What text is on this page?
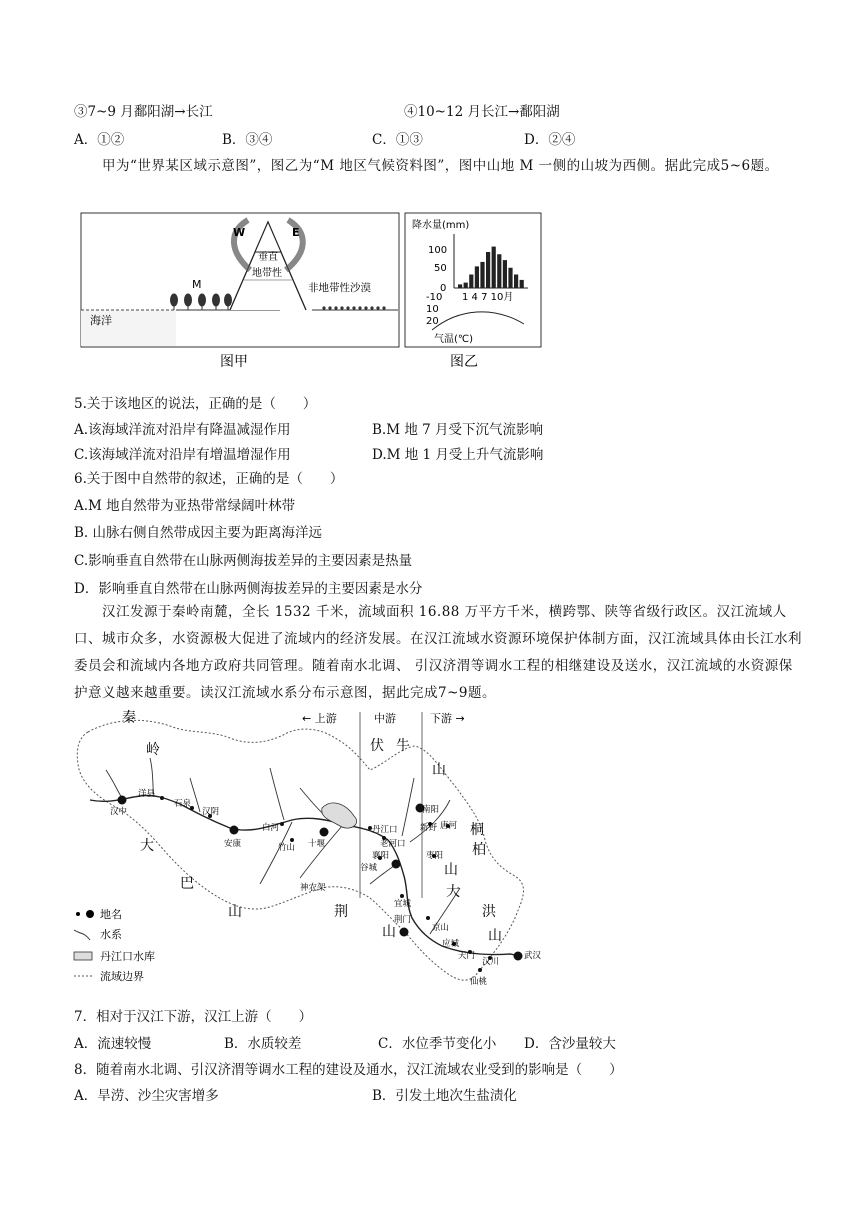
③7~9 月鄱阳湖→长江	④10~12 月长江→鄱阳湖
A．①②	B．③④	C．①③	D．②④
甲为“世界某区域示意图”，图乙为“M 地区气候资料图”，图中山地 M 一侧的山坡为西侧。据此完成5~6题。
W	E
垂直
地带性
非地带性沙漠
M
海洋
图甲
降水量(mm)
100
50
0
-10
10
20
1 4 7 10月
气温(℃)
图乙
5.关于该地区的说法，正确的是（　　）
A.该海域洋流对沿岸有降温减湿作用	B.M 地 7 月受下沉气流影响
C.该海域洋流对沿岸有增温增湿作用	D.M 地 1 月受上升气流影响
6.关于图中自然带的叙述，正确的是（　　）
A.M 地自然带为亚热带常绿阔叶林带
B. 山脉右侧自然带成因主要为距离海洋远
C.影响垂直自然带在山脉两侧海拔差异的主要因素是热量
D．影响垂直自然带在山脉两侧海拔差异的主要因素是水分
汉江发源于秦岭南麓，全长 1532 千米，流域面积 16.88 万平方千米，横跨鄂、陕等省级行政区。汉江流域人口、城市众多，水资源极大促进了流域内的经济发展。在汉江流域水资源环境保护体制方面，汉江流域具体由长江水利委员会和流域内各地方政府共同管理。随着南水北调、 引汉济渭等调水工程的相继建设及送水，汉江流域的水资源保护意义越来越重要。读汉江流域水系分布示意图，据此完成7~9题。
← 上游	中游	下游 →
秦
岭	伏 牛
山
桐
柏
山
大
洪
山
大
巴
山	荆
山
汉中
洋县
石泉
汉阴
安康
白河
竹山 十堰
神农架
丹江口
老河口
襄阳
谷城
南阳
新野 唐河
枣阳
宜城
荆门
京山
应城
天门
汉川
武汉
仙桃
地名
水系
丹江口水库
流域边界
7．相对于汉江下游，汉江上游（　　）
A．流速较慢	B．水质较差	C．水位季节变化小 D．含沙量较大
8．随着南水北调、引汉济渭等调水工程的建设及通水，汉江流域农业受到的影响是（　　）
A．旱涝、沙尘灾害增多	B．引发土地次生盐渍化
